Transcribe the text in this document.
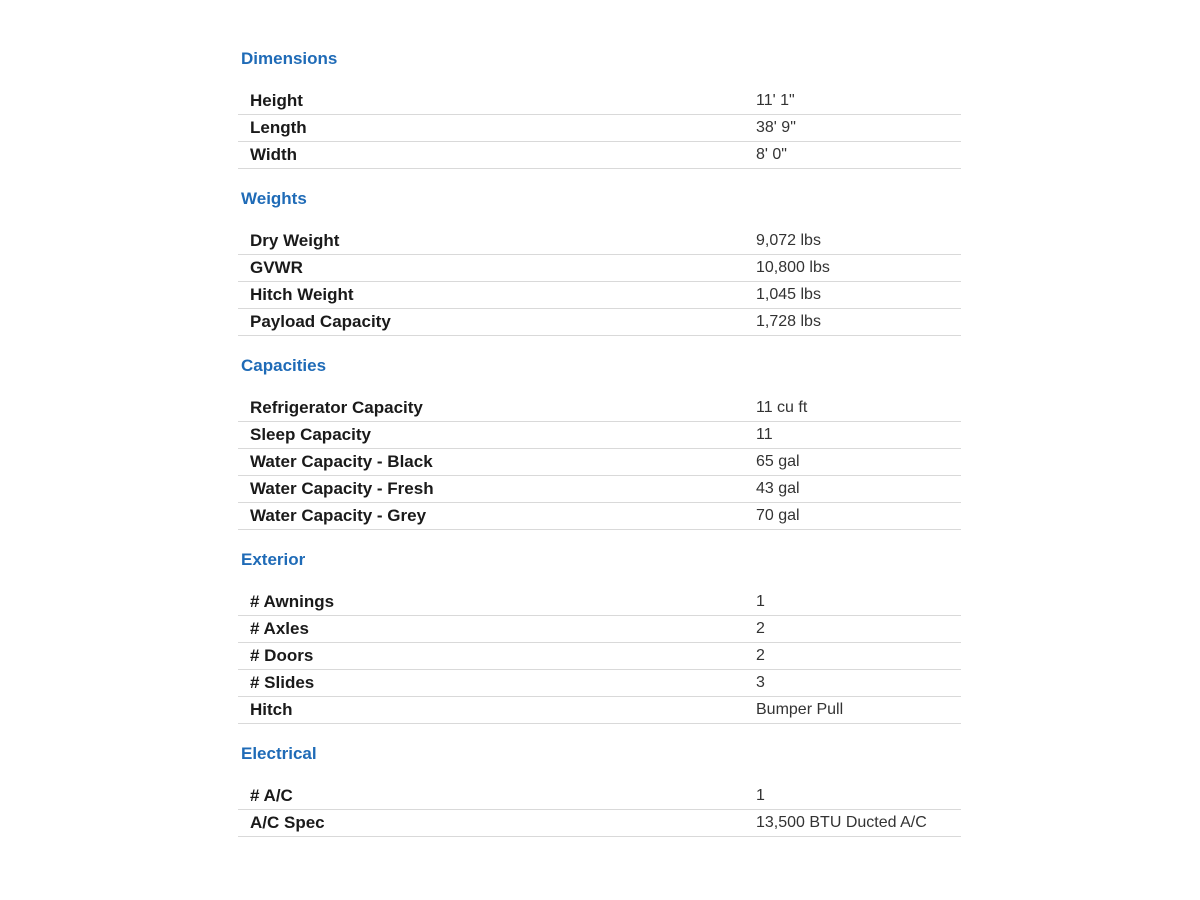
Dimensions
Height	11' 1"
Length	38' 9"
Width	8' 0"
Weights
Dry Weight	9,072 lbs
GVWR	10,800 lbs
Hitch Weight	1,045 lbs
Payload Capacity	1,728 lbs
Capacities
Refrigerator Capacity	11 cu ft
Sleep Capacity	11
Water Capacity - Black	65 gal
Water Capacity - Fresh	43 gal
Water Capacity - Grey	70 gal
Exterior
# Awnings	1
# Axles	2
# Doors	2
# Slides	3
Hitch	Bumper Pull
Electrical
# A/C	1
A/C Spec	13,500 BTU Ducted A/C
